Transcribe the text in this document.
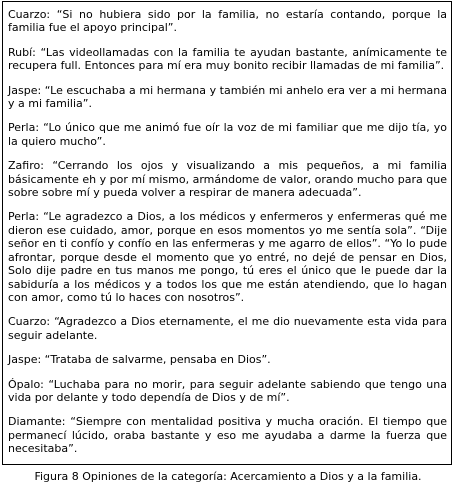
Cuarzo: “Si no hubiera sido por la familia, no estaría contando, porque la familia fue el apoyo principal”.

Rubí: “Las videollamadas con la familia te ayudan bastante, anímicamente te recupera full. Entonces para mí era muy bonito recibir llamadas de mi familia”.

Jaspe: “Le escuchaba a mi hermana y también mi anhelo era ver a mi hermana y a mi familia”.

Perla: “Lo único que me animó fue oír la voz de mi familiar que me dijo tía, yo la quiero mucho”.

Zafiro: “Cerrando los ojos y visualizando a mis pequeños, a mi familia básicamente eh y por mí mismo, armándome de valor, orando mucho para que sobre sobre mí y pueda volver a respirar de manera adecuada”.

Perla: “Le agradezco a Dios, a los médicos y enfermeros y enfermeras qué me dieron ese cuidado, amor, porque en esos momentos yo me sentía sola”. “Dije señor en ti confío y confío en las enfermeras y me agarro de ellos”. “Yo lo pude afrontar, porque desde el momento que yo entré, no dejé de pensar en Dios, Solo dije padre en tus manos me pongo, tú eres el único que le puede dar la sabiduría a los médicos y a todos los que me están atendiendo, que lo hagan con amor, como tú lo haces con nosotros”.

Cuarzo: “Agradezco a Dios eternamente, el me dio nuevamente esta vida para seguir adelante.

Jaspe: “Trataba de salvarme, pensaba en Dios”.

Ópalo: “Luchaba para no morir, para seguir adelante sabiendo que tengo una vida por delante y todo dependía de Dios y de mí”.

Diamante: “Siempre con mentalidad positiva y mucha oración. El tiempo que permanecí lúcido, oraba bastante y eso me ayudaba a darme la fuerza que necesitaba”.

Figura 8 Opiniones de la categoría: Acercamiento a Dios y a la familia.
